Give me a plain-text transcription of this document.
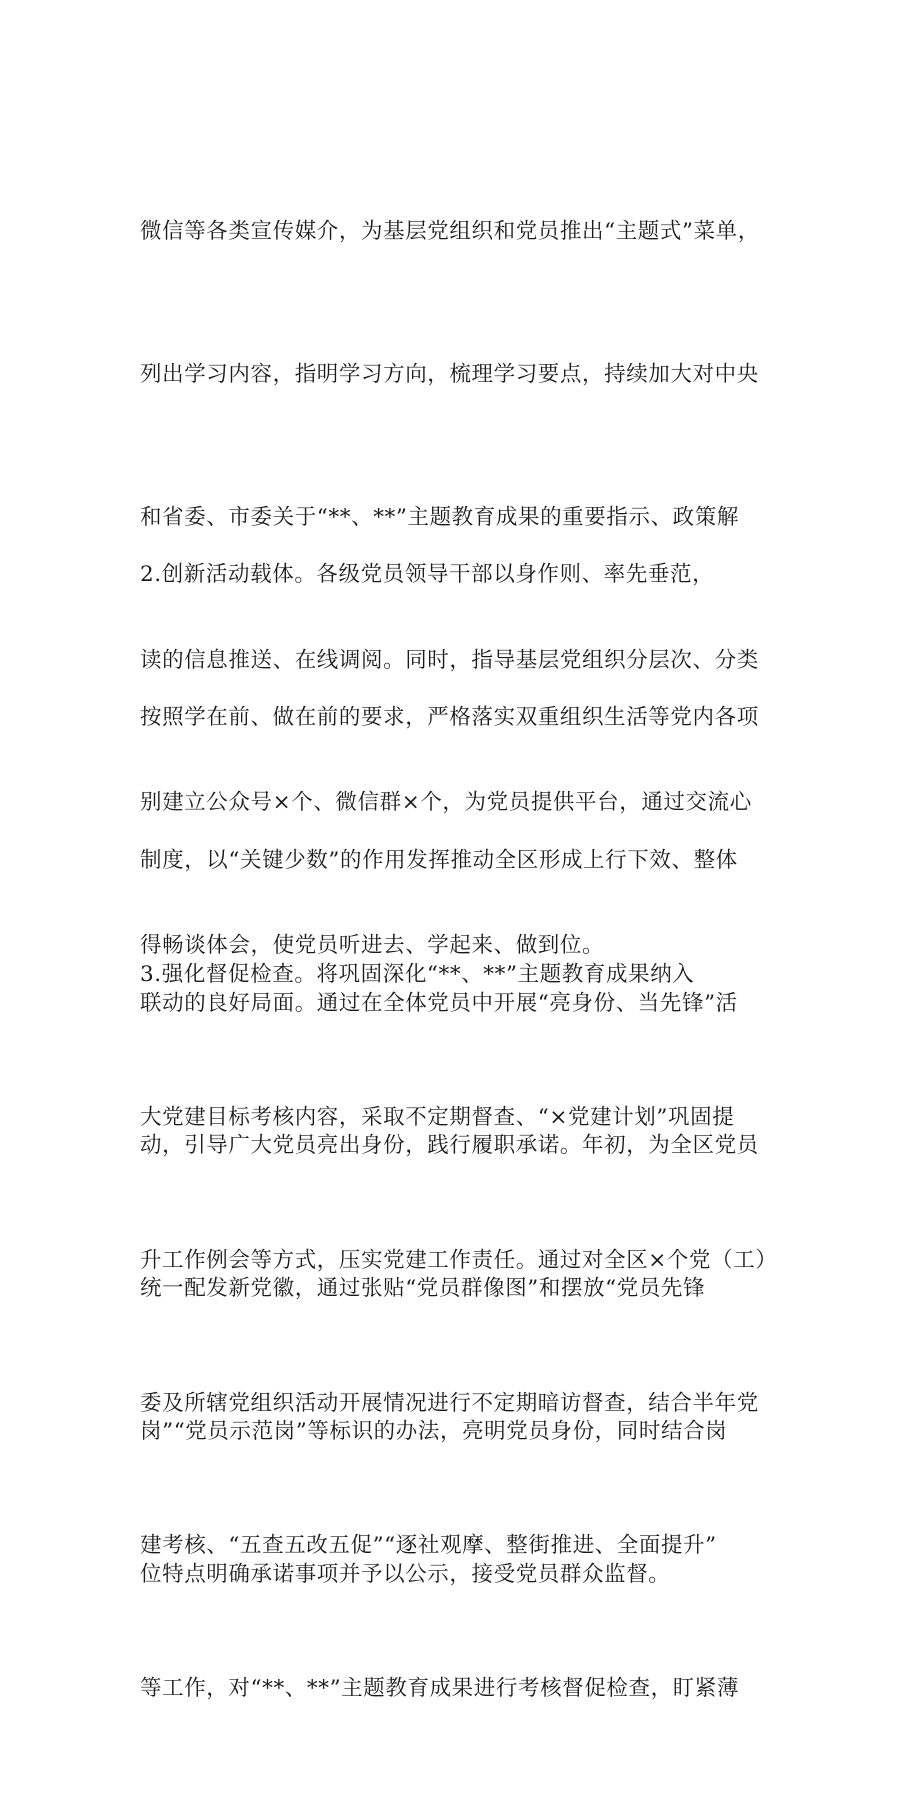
微信等各类宣传媒介，为基层党组织和党员推出“主题式”菜单，

列出学习内容，指明学习方向，梳理学习要点，持续加大对中央

和省委、市委关于“**、**”主题教育成果的重要指示、政策解

读的信息推送、在线调阅。同时，指导基层党组织分层次、分类

别建立公众号×个、微信群×个，为党员提供平台，通过交流心

得畅谈体会，使党员听进去、学起来、做到位。

2.创新活动载体。各级党员领导干部以身作则、率先垂范，

按照学在前、做在前的要求，严格落实双重组织生活等党内各项

制度，以“关键少数”的作用发挥推动全区形成上行下效、整体

联动的良好局面。通过在全体党员中开展“亮身份、当先锋”活

动，引导广大党员亮出身份，践行履职承诺。年初，为全区党员

统一配发新党徽，通过张贴“党员群像图”和摆放“党员先锋

岗”“党员示范岗”等标识的办法，亮明党员身份，同时结合岗

位特点明确承诺事项并予以公示，接受党员群众监督。

3.强化督促检查。将巩固深化“**、**”主题教育成果纳入

大党建目标考核内容，采取不定期督查、“×党建计划”巩固提

升工作例会等方式，压实党建工作责任。通过对全区×个党（工）

委及所辖党组织活动开展情况进行不定期暗访督查，结合半年党

建考核、“五查五改五促”“逐社观摩、整街推进、全面提升”

等工作，对“**、**”主题教育成果进行考核督促检查，盯紧薄
